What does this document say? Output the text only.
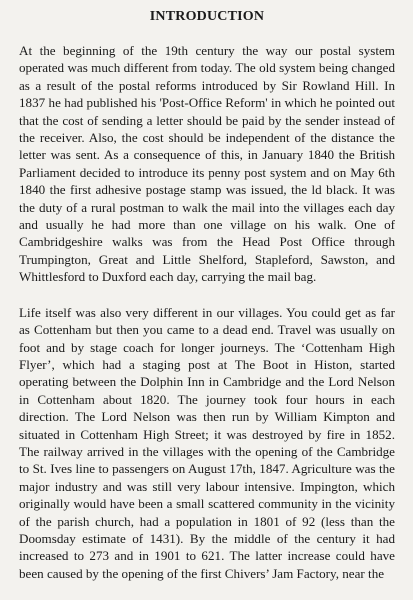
INTRODUCTION

At the beginning of the 19th century the way our postal system operated was much different from today. The old system being changed as a result of the postal reforms introduced by Sir Rowland Hill. In 1837 he had published his 'Post-Office Reform' in which he pointed out that the cost of sending a letter should be paid by the sender instead of the receiver. Also, the cost should be independent of the distance the letter was sent. As a consequence of this, in January 1840 the British Parliament decided to introduce its penny post system and on May 6th 1840 the first adhesive postage stamp was issued, the ld black. It was the duty of a rural postman to walk the mail into the villages each day and usually he had more than one village on his walk. One of Cambridgeshire walks was from the Head Post Office through Trumpington, Great and Little Shelford, Stapleford, Sawston, and Whittlesford to Duxford each day, carrying the mail bag.

Life itself was also very different in our villages. You could get as far as Cottenham but then you came to a dead end. Travel was usually on foot and by stage coach for longer journeys. The ‘Cottenham High Flyer’, which had a staging post at The Boot in Histon, started operating between the Dolphin Inn in Cambridge and the Lord Nelson in Cottenham about 1820. The journey took four hours in each direction. The Lord Nelson was then run by William Kimpton and situated in Cottenham High Street; it was destroyed by fire in 1852. The railway arrived in the villages with the opening of the Cambridge to St. Ives line to passengers on August 17th, 1847. Agriculture was the major industry and was still very labour intensive. Impington, which originally would have been a small scattered community in the vicinity of the parish church, had a population in 1801 of 92 (less than the Doomsday estimate of 1431). By the middle of the century it had increased to 273 and in 1901 to 621. The latter increase could have been caused by the opening of the first Chivers’ Jam Factory, near the
